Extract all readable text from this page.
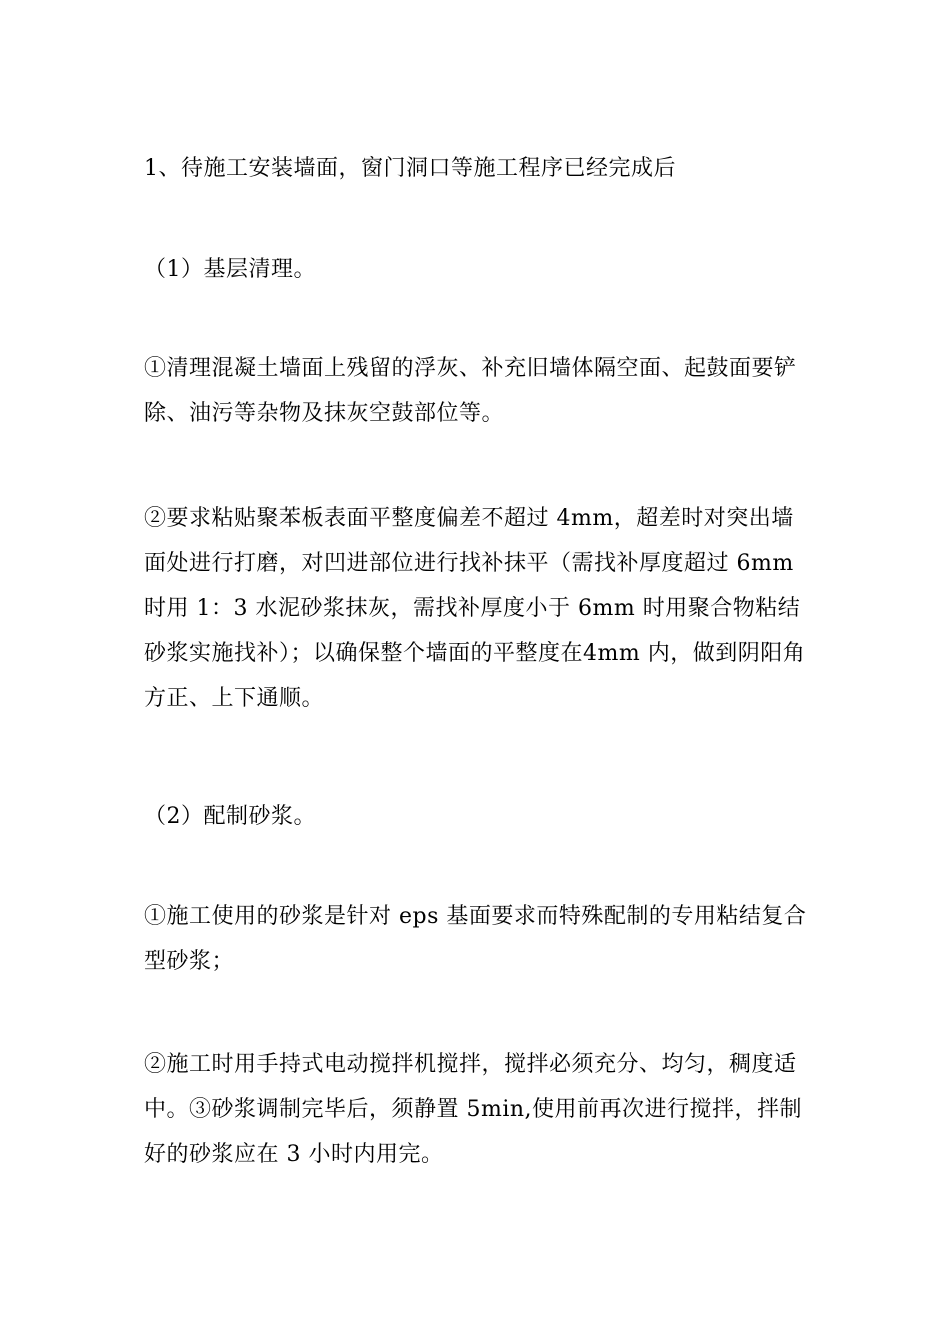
1、待施工安装墙面，窗门洞口等施工程序已经完成后

（1）基层清理。

①清理混凝土墙面上残留的浮灰、补充旧墙体隔空面、起鼓面要铲除、油污等杂物及抹灰空鼓部位等。

②要求粘贴聚苯板表面平整度偏差不超过 4mm，超差时对突出墙面处进行打磨，对凹进部位进行找补抹平（需找补厚度超过 6mm 时用 1：3 水泥砂浆抹灰，需找补厚度小于 6mm 时用聚合物粘结砂浆实施找补）；以确保整个墙面的平整度在4mm 内，做到阴阳角方正、上下通顺。

（2）配制砂浆。

①施工使用的砂浆是针对 eps 基面要求而特殊配制的专用粘结复合型砂浆；

②施工时用手持式电动搅拌机搅拌，搅拌必须充分、均匀，稠度适中。③砂浆调制完毕后，须静置 5min,使用前再次进行搅拌，拌制好的砂浆应在 3 小时内用完。
